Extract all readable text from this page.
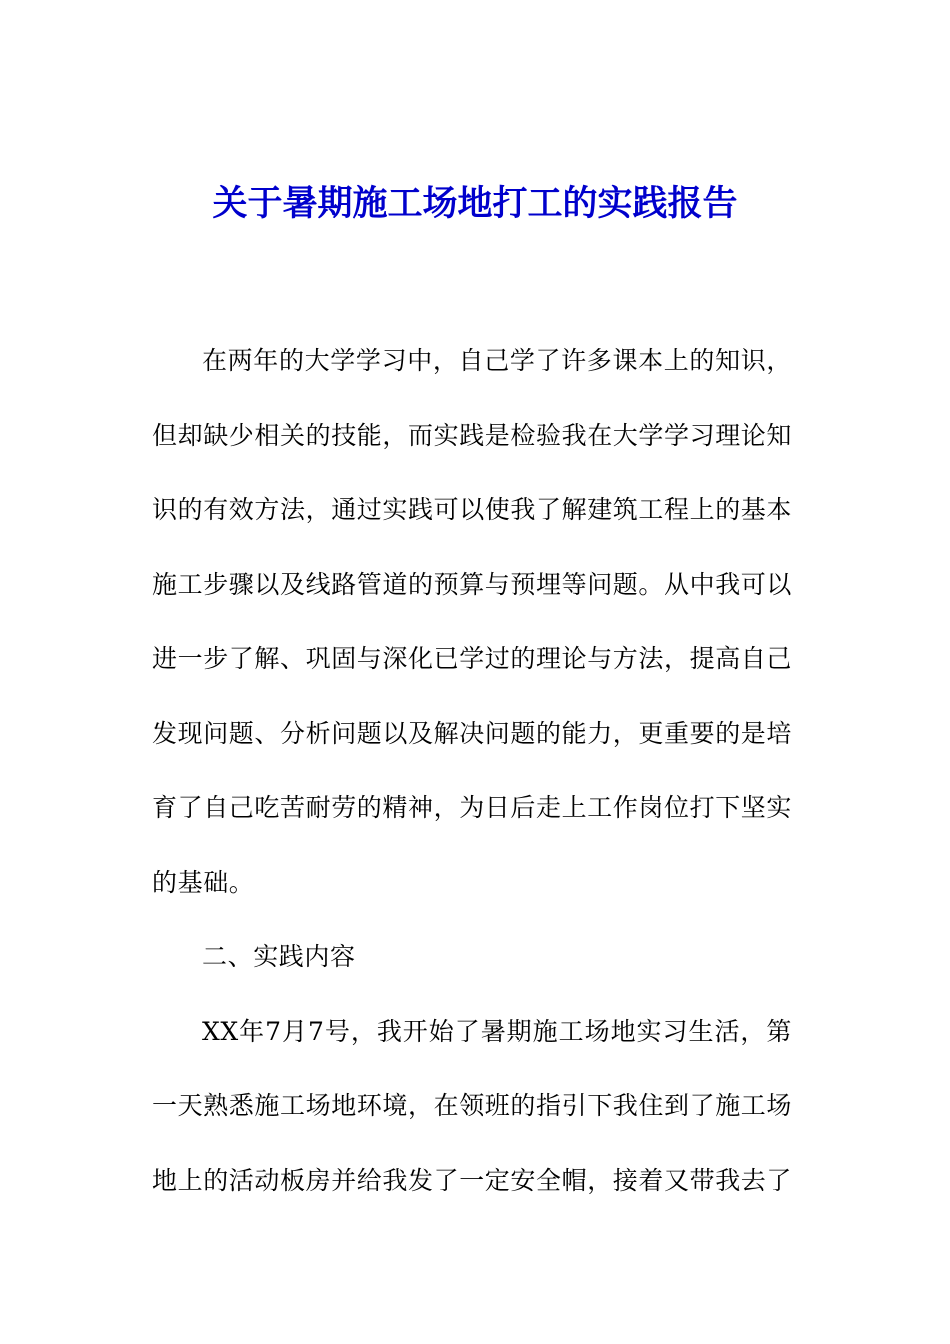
关于暑期施工场地打工的实践报告

在两年的大学学习中，自己学了许多课本上的知识，但却缺少相关的技能，而实践是检验我在大学学习理论知识的有效方法，通过实践可以使我了解建筑工程上的基本施工步骤以及线路管道的预算与预埋等问题。从中我可以进一步了解、巩固与深化已学过的理论与方法，提高自己发现问题、分析问题以及解决问题的能力，更重要的是培育了自己吃苦耐劳的精神，为日后走上工作岗位打下坚实的基础。

二、实践内容

XX年7月7号，我开始了暑期施工场地实习生活，第一天熟悉施工场地环境，在领班的指引下我住到了施工场地上的活动板房并给我发了一定安全帽，接着又带我去了
